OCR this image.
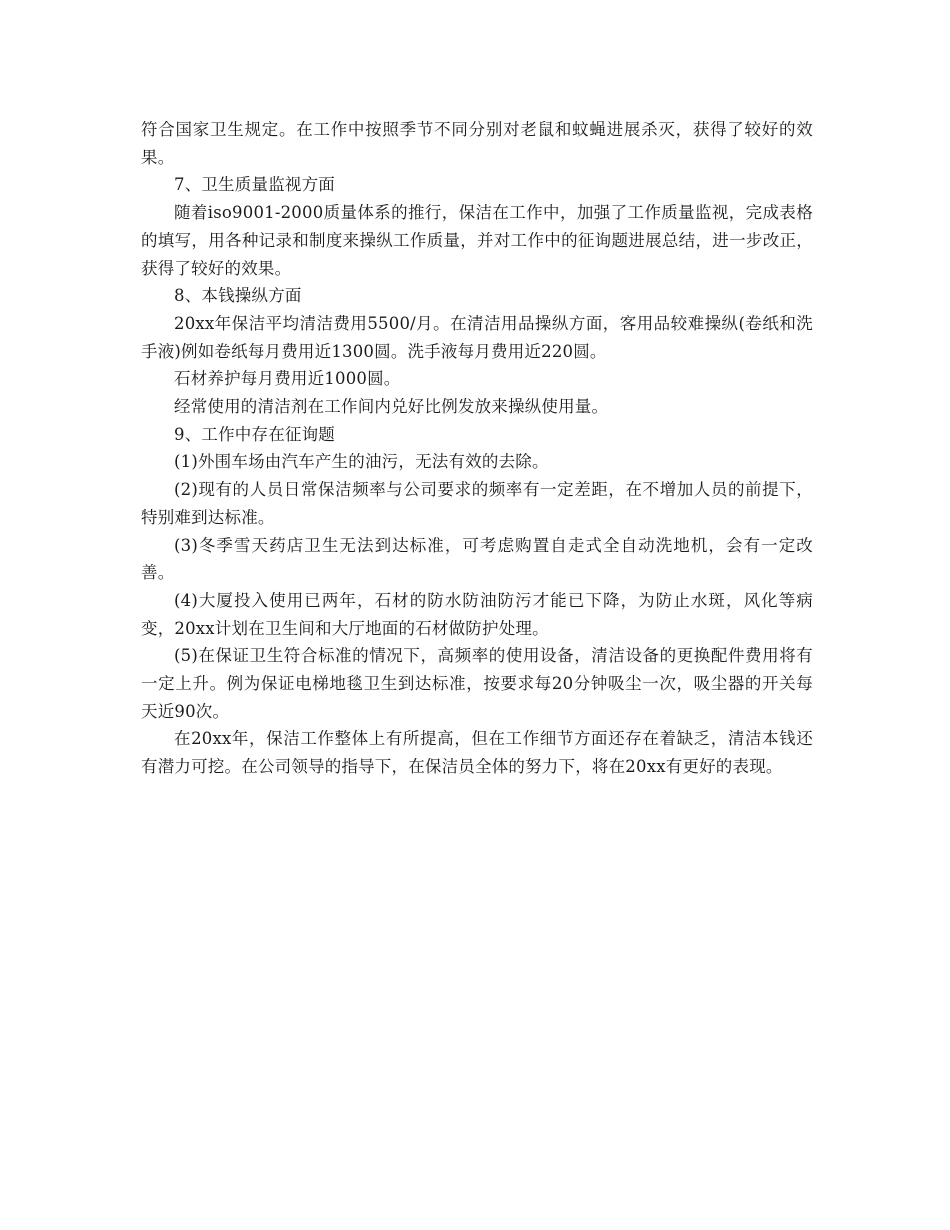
符合国家卫生规定。在工作中按照季节不同分别对老鼠和蚊蝇进展杀灭，获得了较好的效果。

7、卫生质量监视方面

随着iso9001-2000质量体系的推行，保洁在工作中，加强了工作质量监视，完成表格的填写，用各种记录和制度来操纵工作质量，并对工作中的征询题进展总结，进一步改正，获得了较好的效果。

8、本钱操纵方面

20xx年保洁平均清洁费用5500/月。在清洁用品操纵方面，客用品较难操纵(卷纸和洗手液)例如卷纸每月费用近1300圆。洗手液每月费用近220圆。

石材养护每月费用近1000圆。

经常使用的清洁剂在工作间内兑好比例发放来操纵使用量。

9、工作中存在征询题

(1)外围车场由汽车产生的油污，无法有效的去除。

(2)现有的人员日常保洁频率与公司要求的频率有一定差距，在不增加人员的前提下，特别难到达标准。

(3)冬季雪天药店卫生无法到达标准，可考虑购置自走式全自动洗地机，会有一定改善。

(4)大厦投入使用已两年，石材的防水防油防污才能已下降，为防止水斑，风化等病变，20xx计划在卫生间和大厅地面的石材做防护处理。

(5)在保证卫生符合标准的情况下，高频率的使用设备，清洁设备的更换配件费用将有一定上升。例为保证电梯地毯卫生到达标准，按要求每20分钟吸尘一次，吸尘器的开关每天近90次。

在20xx年，保洁工作整体上有所提高，但在工作细节方面还存在着缺乏，清洁本钱还有潜力可挖。在公司领导的指导下，在保洁员全体的努力下，将在20xx有更好的表现。
